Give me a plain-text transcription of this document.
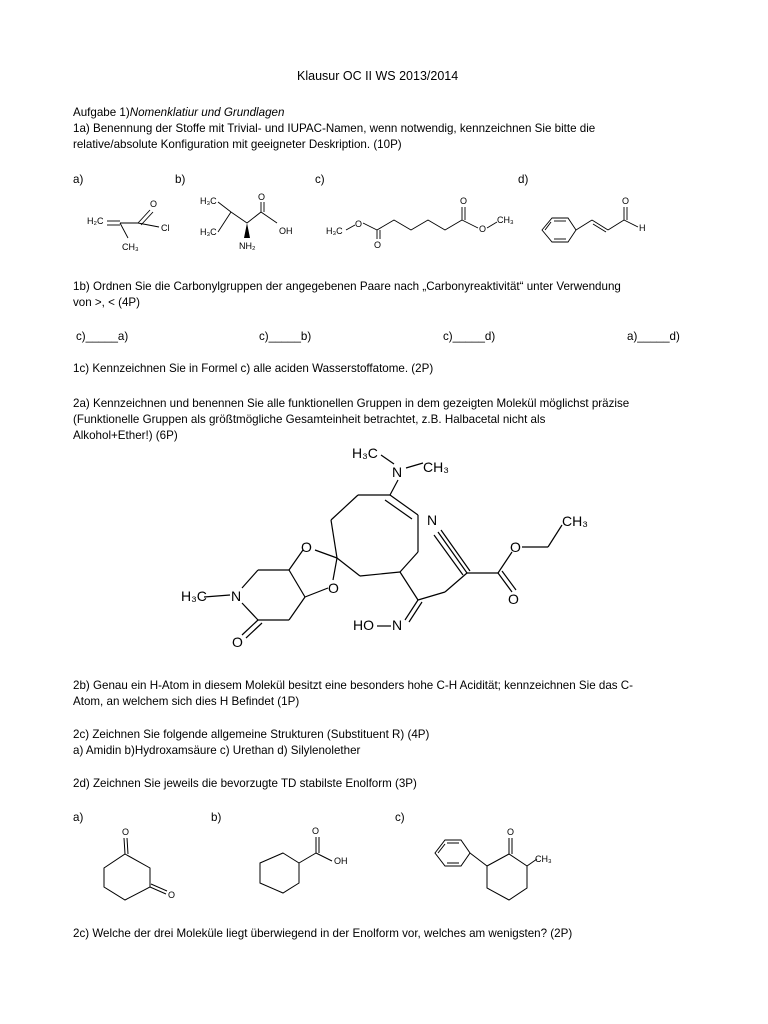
Klausur OC II WS 2013/2014
Aufgabe 1)Nomenklatiur und Grundlagen
1a) Benennung der Stoffe mit Trivial- und IUPAC-Namen, wenn notwendig, kennzeichnen Sie bitte die
relative/absolute Konfiguration mit geeigneter Deskription. (10P)
a)	b)	c)	d)
H₂C
CH₃
O
Cl
H₃C
H₃C
NH₂
O
OH	H₃C
O
O
O
O
CH₃
O
H
1b) Ordnen Sie die Carbonylgruppen der angegebenen Paare nach „Carbonyreaktivität“ unter Verwendung
von >, < (4P)
c)_____a)	c)_____b)	c)_____d)	a)_____d)
1c) Kennzeichnen Sie in Formel c) alle aciden Wasserstoffatome. (2P)
2a) Kennzeichnen und benennen Sie alle funktionellen Gruppen in dem gezeigten Molekül möglichst präzise
(Funktionelle Gruppen als größtmögliche Gesamteinheit betrachtet, z.B. Halbacetal nicht als
Alkohol+Ether!) (6P)
H₃C
N CH₃
N	CH₃
O	O
O
H₃C N	O
HO N
O
2b) Genau ein H-Atom in diesem Molekül besitzt eine besonders hohe C-H Acidität; kennzeichnen Sie das C-
Atom, an welchem sich dies H Befindet (1P)
2c) Zeichnen Sie folgende allgemeine Strukturen (Substituent R) (4P)
a) Amidin b)Hydroxamsäure c) Urethan d) Silylenolether
2d) Zeichnen Sie jeweils die bevorzugte TD stabilste Enolform (3P)
a)	b)	c)
O
O
O
OH
O
CH₃
2c) Welche der drei Moleküle liegt überwiegend in der Enolform vor, welches am wenigsten? (2P)
